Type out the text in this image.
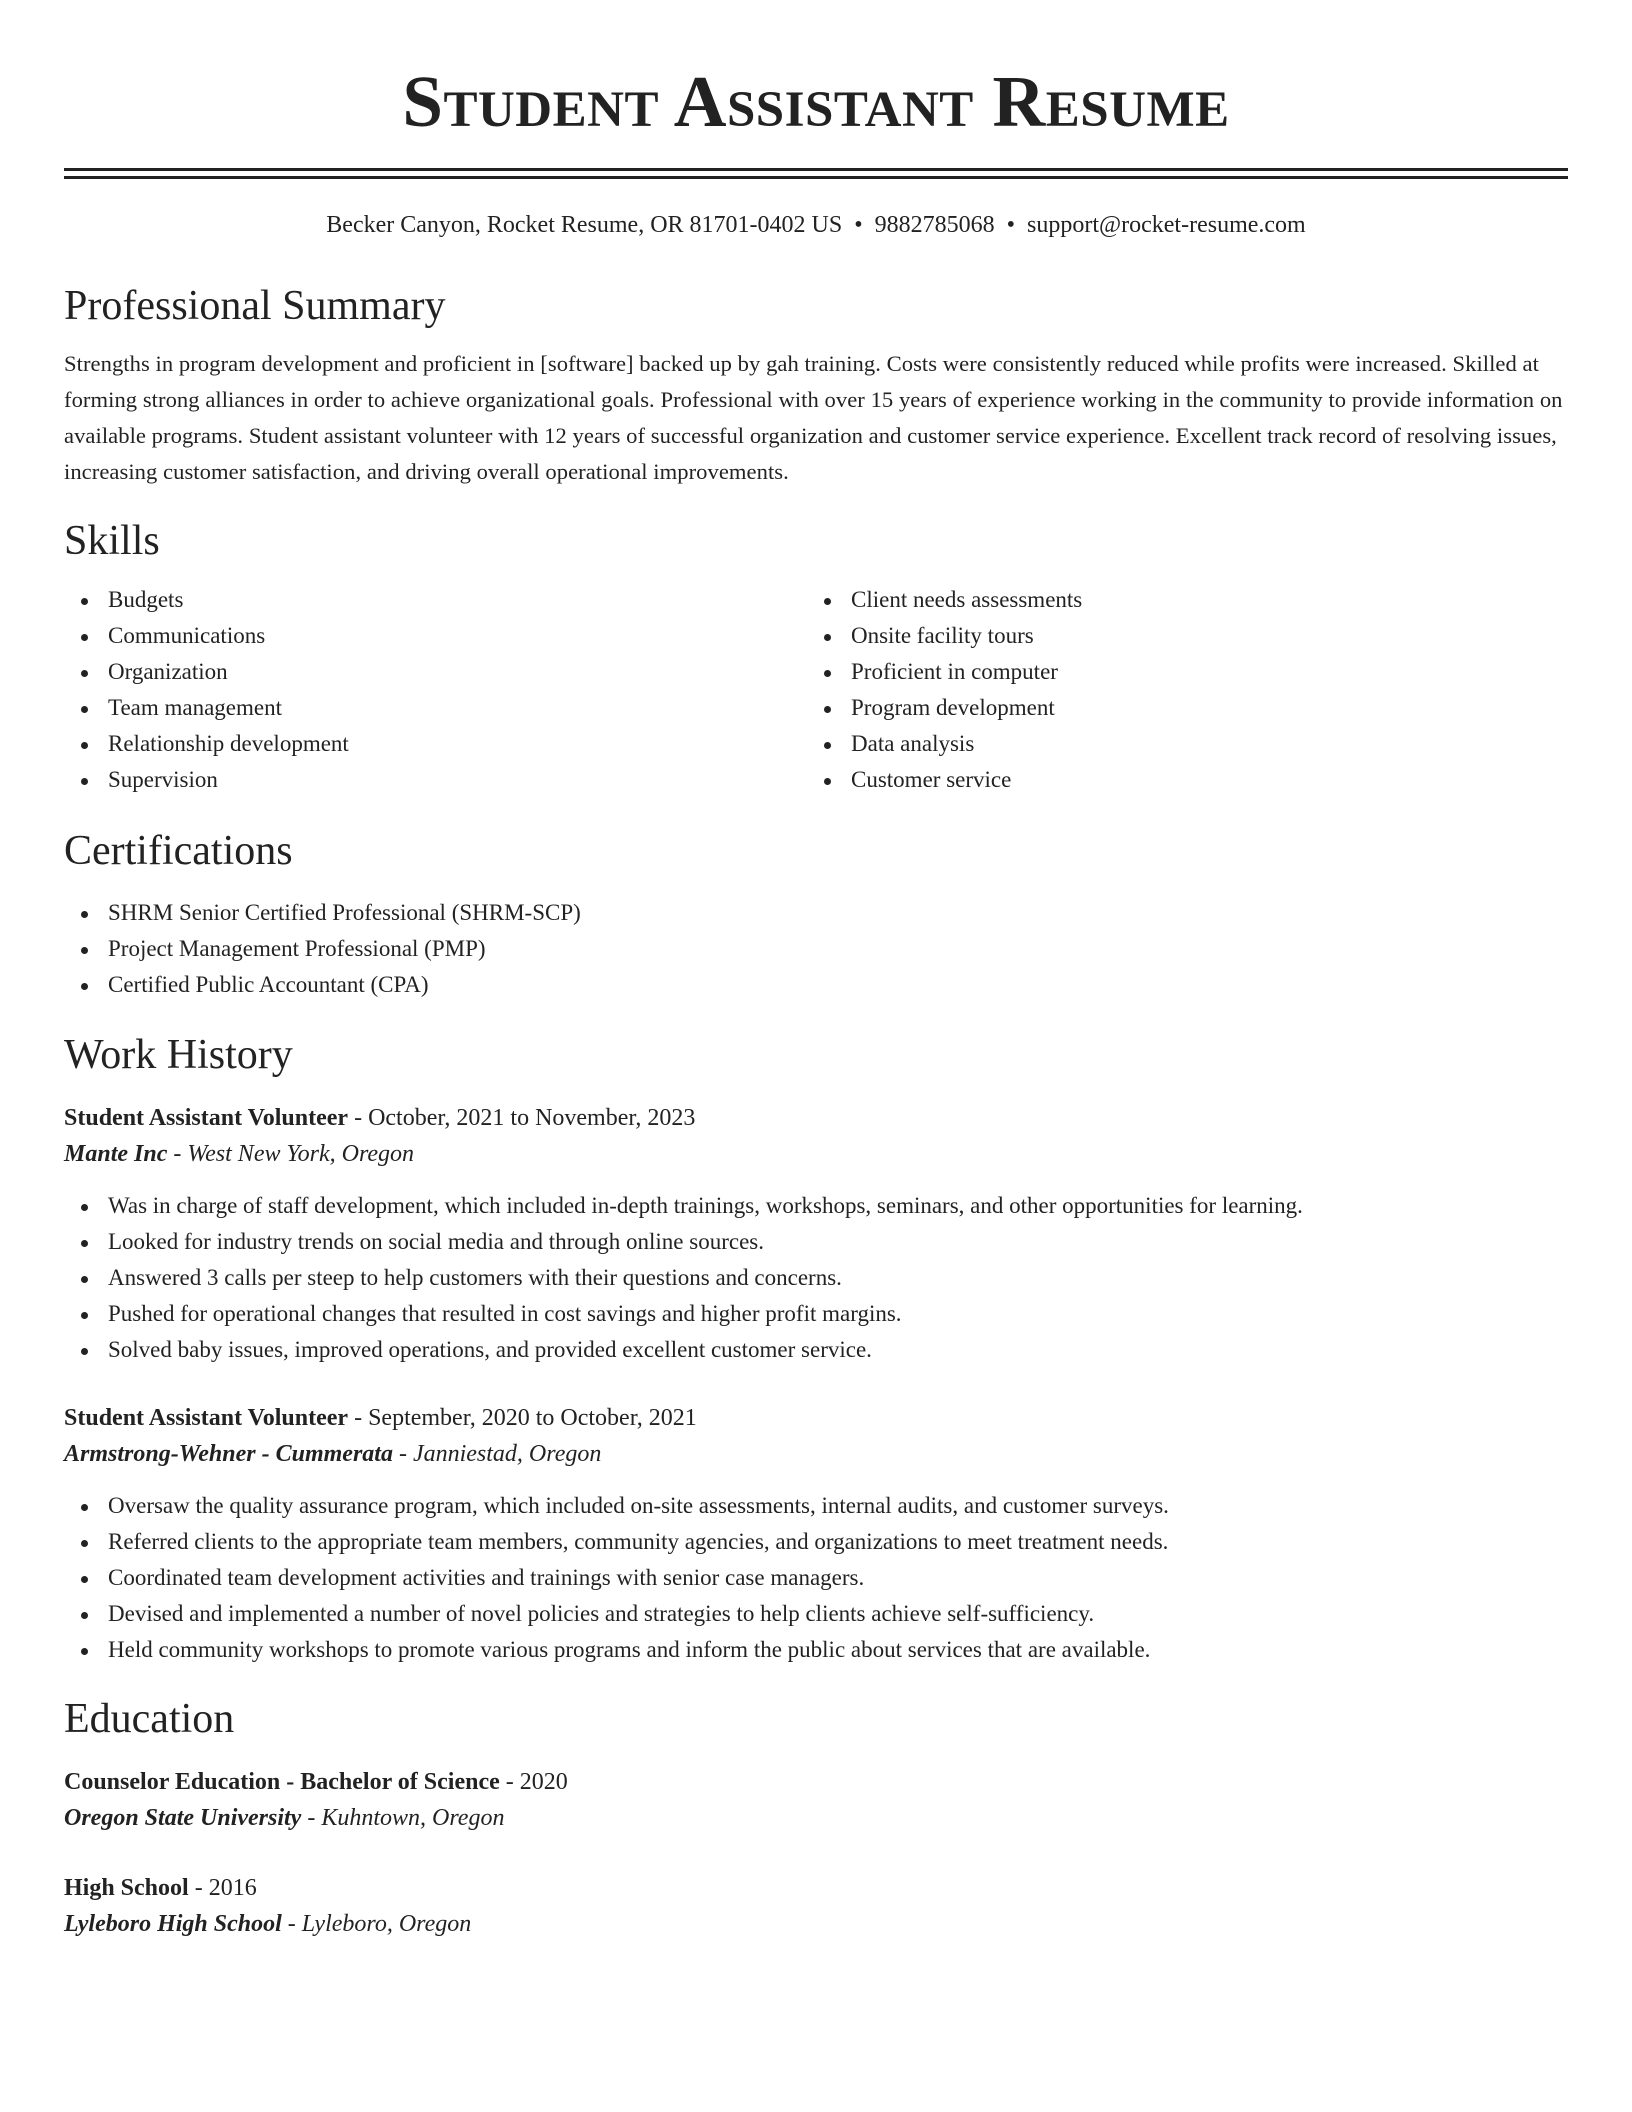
Student Assistant Resume
Becker Canyon, Rocket Resume, OR 81701-0402 US • 9882785068 • support@rocket-resume.com
Professional Summary

Strengths in program development and proficient in [software] backed up by gah training. Costs were consistently reduced while profits were increased. Skilled at forming strong alliances in order to achieve organizational goals. Professional with over 15 years of experience working in the community to provide information on available programs. Student assistant volunteer with 12 years of successful organization and customer service experience. Excellent track record of resolving issues, increasing customer satisfaction, and driving overall operational improvements.

Skills
Budgets
Communications
Organization
Team management
Relationship development
Supervision
Client needs assessments
Onsite facility tours
Proficient in computer
Program development
Data analysis
Customer service
Certifications
SHRM Senior Certified Professional (SHRM-SCP)
Project Management Professional (PMP)
Certified Public Accountant (CPA)
Work History
Student Assistant Volunteer - October, 2021 to November, 2023
Mante Inc - West New York, Oregon
Was in charge of staff development, which included in-depth trainings, workshops, seminars, and other opportunities for learning.
Looked for industry trends on social media and through online sources.
Answered 3 calls per steep to help customers with their questions and concerns.
Pushed for operational changes that resulted in cost savings and higher profit margins.
Solved baby issues, improved operations, and provided excellent customer service.
Student Assistant Volunteer - September, 2020 to October, 2021
Armstrong-Wehner - Cummerata - Janniestad, Oregon
Oversaw the quality assurance program, which included on-site assessments, internal audits, and customer surveys.
Referred clients to the appropriate team members, community agencies, and organizations to meet treatment needs.
Coordinated team development activities and trainings with senior case managers.
Devised and implemented a number of novel policies and strategies to help clients achieve self-sufficiency.
Held community workshops to promote various programs and inform the public about services that are available.
Education
Counselor Education - Bachelor of Science - 2020
Oregon State University - Kuhntown, Oregon
High School - 2016
Lyleboro High School - Lyleboro, Oregon
